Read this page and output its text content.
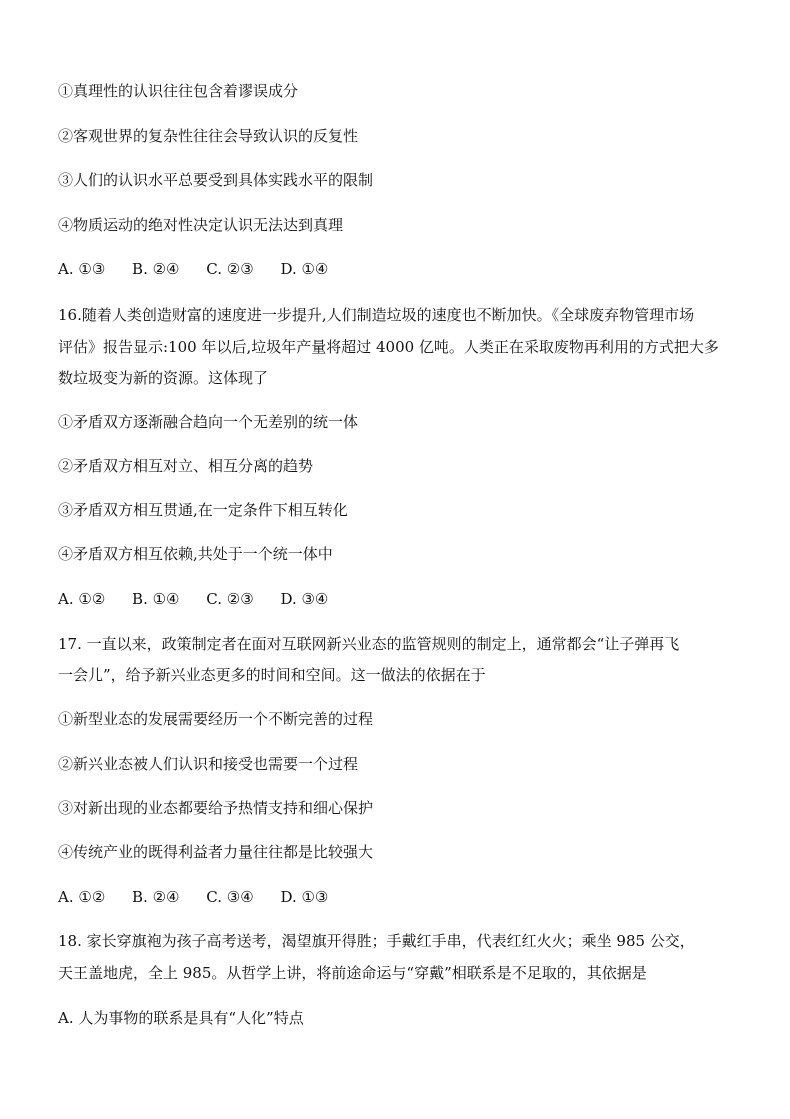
①真理性的认识往往包含着谬误成分
②客观世界的复杂性往往会导致认识的反复性
③人们的认识水平总要受到具体实践水平的限制
④物质运动的绝对性决定认识无法达到真理
A. ①③ B. ②④ C. ②③ D. ①④
16.随着人类创造财富的速度进一步提升,人们制造垃圾的速度也不断加快。《全球废弃物管理市场
评估》报告显示:100 年以后,垃圾年产量将超过 4000 亿吨。人类正在采取废物再利用的方式把大多
数垃圾变为新的资源。这体现了
①矛盾双方逐渐融合趋向一个无差别的统一体
②矛盾双方相互对立、相互分离的趋势
③矛盾双方相互贯通,在一定条件下相互转化
④矛盾双方相互依赖,共处于一个统一体中
A. ①② B. ①④ C. ②③ D. ③④
17. 一直以来，政策制定者在面对互联网新兴业态的监管规则的制定上，通常都会“让子弹再飞
一会儿”，给予新兴业态更多的时间和空间。这一做法的依据在于
①新型业态的发展需要经历一个不断完善的过程
②新兴业态被人们认识和接受也需要一个过程
③对新出现的业态都要给予热情支持和细心保护
④传统产业的既得利益者力量往往都是比较强大
A. ①② B. ②④ C. ③④ D. ①③
18. 家长穿旗袍为孩子高考送考，渴望旗开得胜；手戴红手串，代表红红火火；乘坐 985 公交，
天王盖地虎，全上 985。从哲学上讲，将前途命运与“穿戴”相联系是不足取的，其依据是
A. 人为事物的联系是具有“人化”特点
